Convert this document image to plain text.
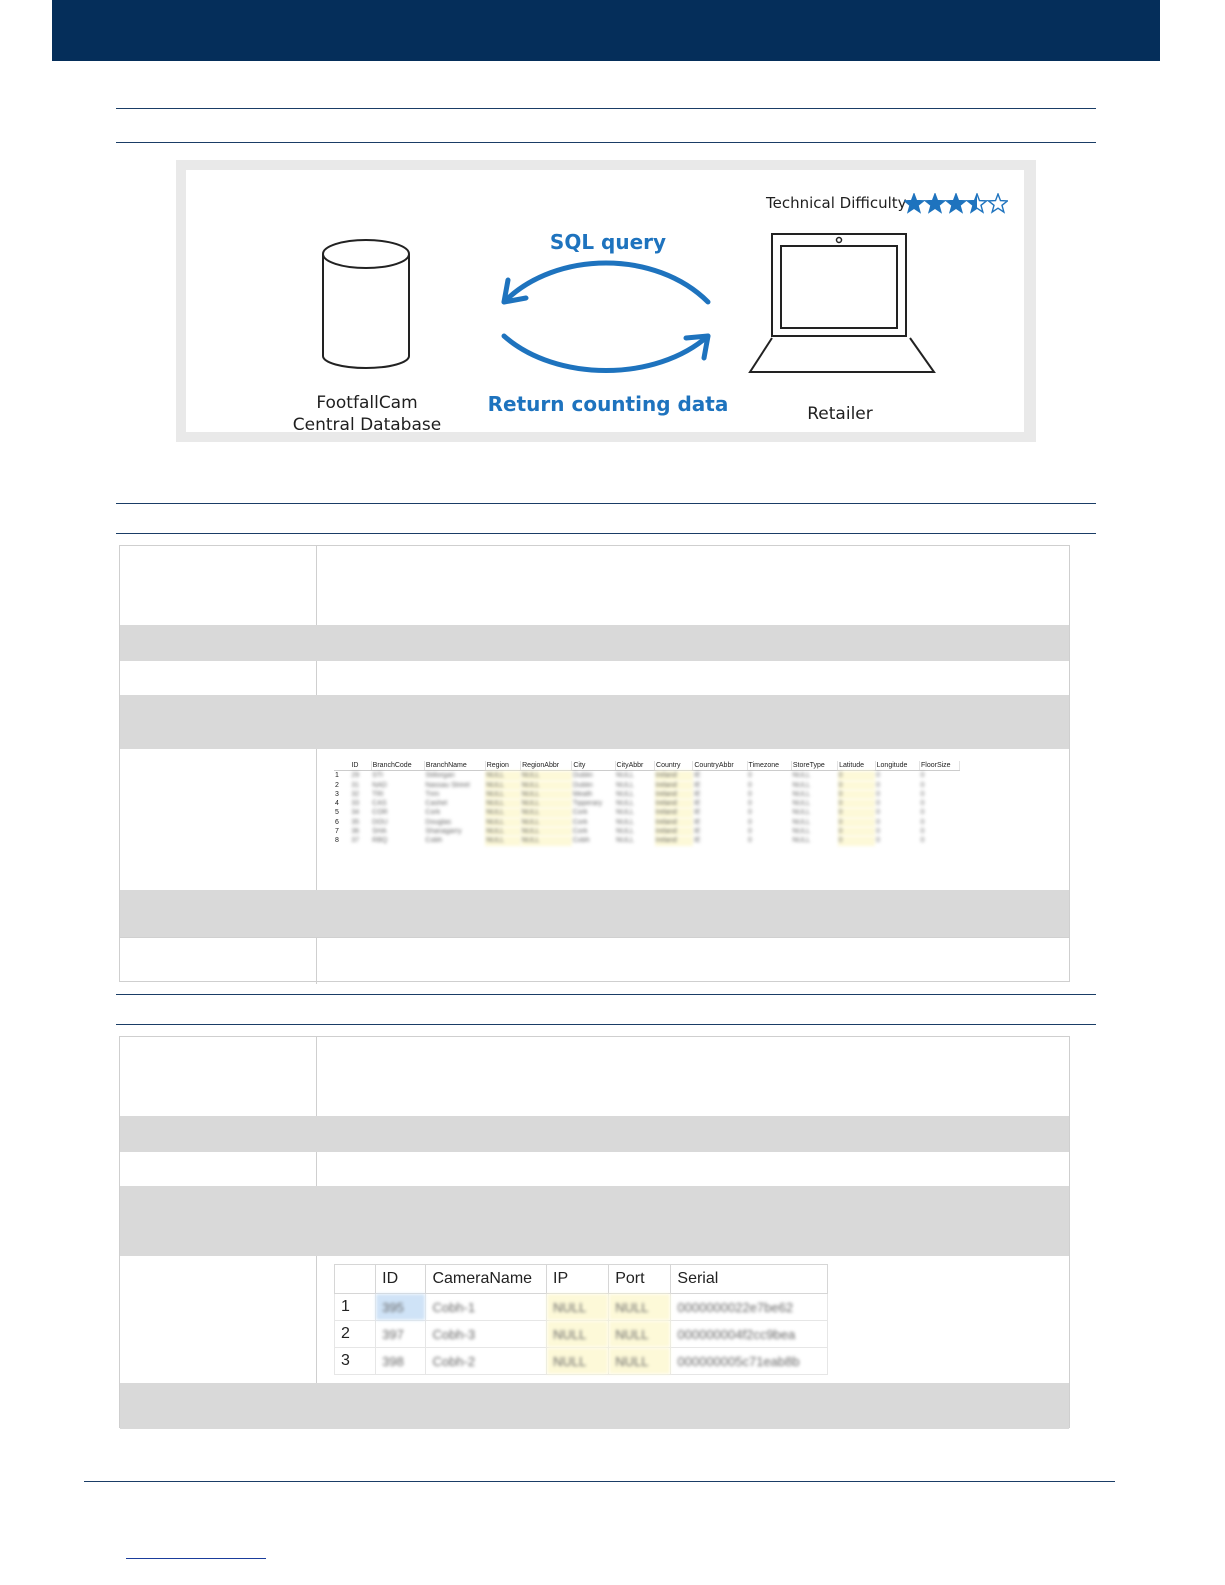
Technical Difficulty
FootfallCam
Central Database
SQL query
Return counting data	Retailer
	ID	BranchCode	BranchName	Region	RegionAbbr	City	CityAbbr	Country	CountryAbbr	Timezone	StoreType	Latitude	Longitude	FloorSize
1	29	STI	Stillorgan	NULL	NULL	Dublin	NULL	Ireland	IE	0	NULL	0	0	0
2	31	NAD	Nassau Street	NULL	NULL	Dublin	NULL	Ireland	IE	0	NULL	0	0	0
3	32	TRI	Trim	NULL	NULL	Meath	NULL	Ireland	IE	0	NULL	0	0	0
4	33	CAS	Cashel	NULL	NULL	Tipperary	NULL	Ireland	IE	0	NULL	0	0	0
5	34	COR	Cork	NULL	NULL	Cork	NULL	Ireland	IE	0	NULL	0	0	0
6	35	DOU	Douglas	NULL	NULL	Cork	NULL	Ireland	IE	0	NULL	0	0	0
7	36	SHA	Shanagarry	NULL	NULL	Cork	NULL	Ireland	IE	0	NULL	0	0	0
8	37	RBQ	Cobh	NULL	NULL	Cobh	NULL	Ireland	IE	0	NULL	0	0	0
	ID	CameraName	IP	Port	Serial
1	395	Cobh-1	NULL	NULL	0000000022e7be62
2	397	Cobh-3	NULL	NULL	000000004f2cc9bea
3	398	Cobh-2	NULL	NULL	000000005c71eab8b
